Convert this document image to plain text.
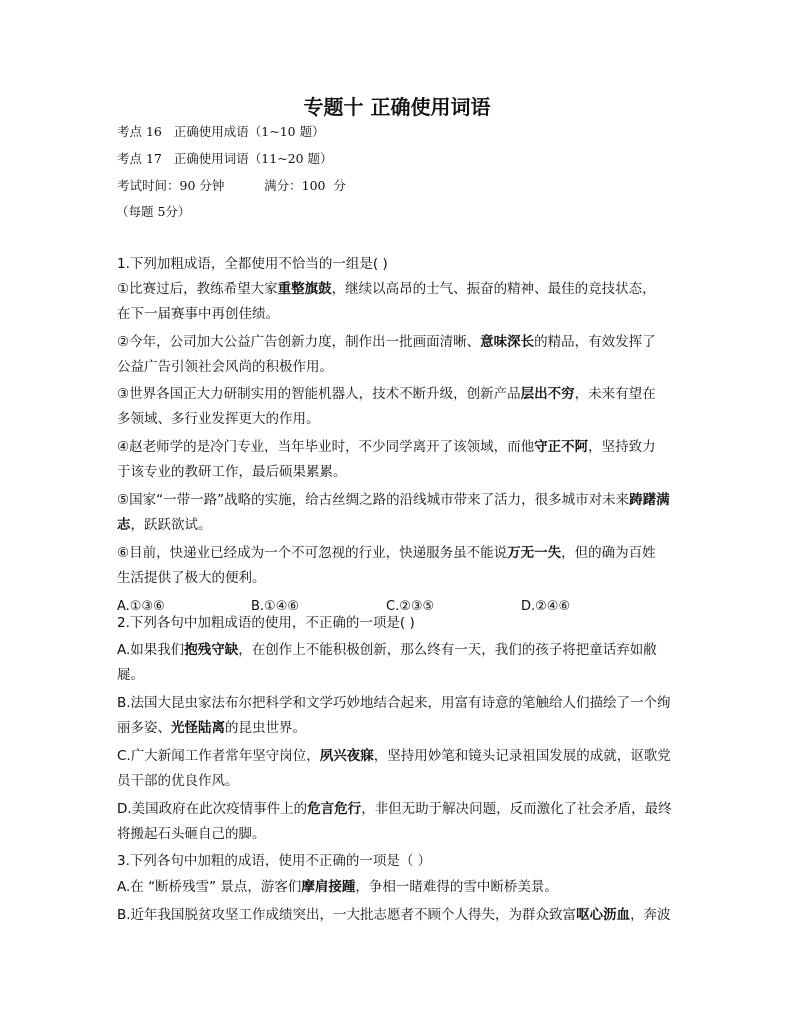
专题十 正确使用词语
考点 16   正确使用成语（1~10 题）
考点 17   正确使用词语（11~20 题）
考试时间：90 分钟          满分：100  分
（每题 5分）
1.下列加粗成语，全都使用不恰当的一组是( )
①比赛过后，教练希望大家重整旗鼓，继续以高昂的士气、振奋的精神、最佳的竞技状态，
在下一届赛事中再创佳绩。
②今年，公司加大公益广告创新力度，制作出一批画面清晰、意味深长的精品，有效发挥了
公益广告引领社会风尚的积极作用。
③世界各国正大力研制实用的智能机器人，技术不断升级，创新产品层出不穷，未来有望在
多领域、多行业发挥更大的作用。
④赵老师学的是冷门专业，当年毕业时，不少同学离开了该领域，而他守正不阿，坚持致力
于该专业的教研工作，最后硕果累累。
⑤国家“一带一路”战略的实施，给古丝绸之路的沿线城市带来了活力，很多城市对未来踌躇满
志，跃跃欲试。
⑥目前，快递业已经成为一个不可忽视的行业，快递服务虽不能说万无一失，但的确为百姓
生活提供了极大的便利。
A.①③⑥	B.①④⑥	C.②③⑤	D.②④⑥
2.下列各句中加粗成语的使用，不正确的一项是( )
A.如果我们抱残守缺，在创作上不能积极创新，那么终有一天，我们的孩子将把童话弃如敝
屣。
B.法国大昆虫家法布尔把科学和文学巧妙地结合起来，用富有诗意的笔触给人们描绘了一个绚
丽多姿、光怪陆离的昆虫世界。
C.广大新闻工作者常年坚守岗位，夙兴夜寐，坚持用妙笔和镜头记录祖国发展的成就，讴歌党
员干部的优良作风。
D.美国政府在此次疫情事件上的危言危行，非但无助于解决问题，反而激化了社会矛盾，最终
将搬起石头砸自己的脚。
3.下列各句中加粗的成语，使用不正确的一项是（ ）
A.在 “断桥残雪” 景点，游客们摩肩接踵，争相一睹难得的雪中断桥美景。
B.近年我国脱贫攻坚工作成绩突出，一大批志愿者不顾个人得失，为群众致富呕心沥血，奔波
